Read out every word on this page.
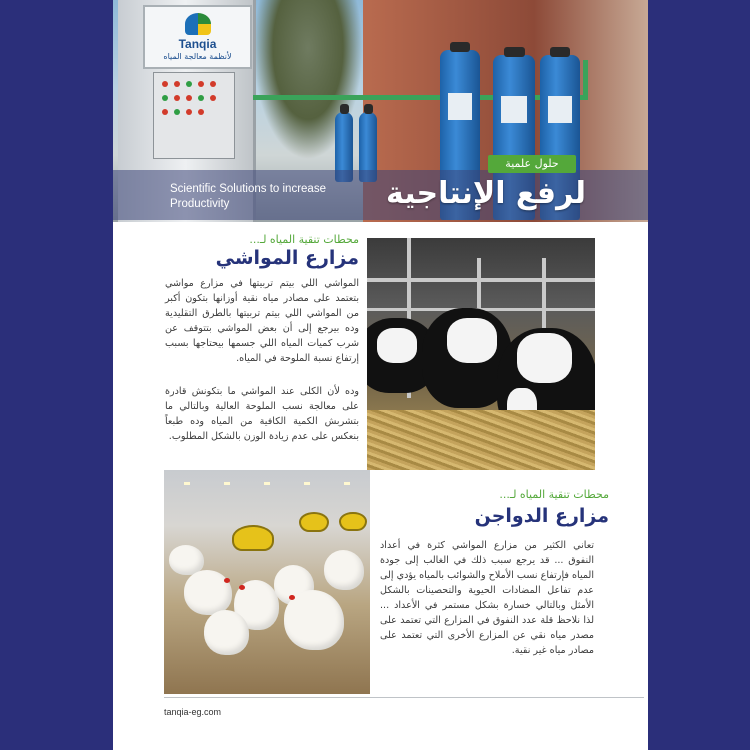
Tanqia
لأنظمة معالجة المياه
حلول علمية
لرفع الإنتاجية
Scientific Solutions to increase Productivity
محطات تنقية المياه لـ...
مزارع المواشي
المواشي اللي بيتم تربيتها في مزارع مواشي بتعتمد على مصادر مياه نقية أوزانها بتكون أكبر من المواشي اللي بيتم تربيتها بالطرق التقليدية وده بيرجع إلى أن بعض المواشي بتتوقف عن شرب كميات المياه اللي جسمها بيحتاجها بسبب إرتفاع نسبة الملوحة في المياه.
وده لأن الكلى عند المواشي ما بتكونش قادرة على معالجة نسب الملوحة العالية وبالتالي ما بتشربش الكمية الكافية من المياه وده طبعاً بنعكس على عدم زيادة الوزن بالشكل المطلوب.
محطات تنقية المياه لـ...
مزارع الدواجن
تعاني الكثير من مزارع المواشي كثرة في أعداد النفوق ... قد يرجع سبب ذلك في الغالب إلى جودة المياه فإرتفاع نسب الأملاح والشوائب بالمياه يؤدي إلى عدم تفاعل المضادات الحيوية والتحصينات بالشكل الأمثل وبالتالي خسارة بشكل مستمر في الأعداد ... لذا نلاحظ قلة عدد النفوق في المزارع التي تعتمد على مصدر مياه نقي عن المزارع الأخرى التي تعتمد على مصادر مياه غير نقية.
tanqia-eg.com
